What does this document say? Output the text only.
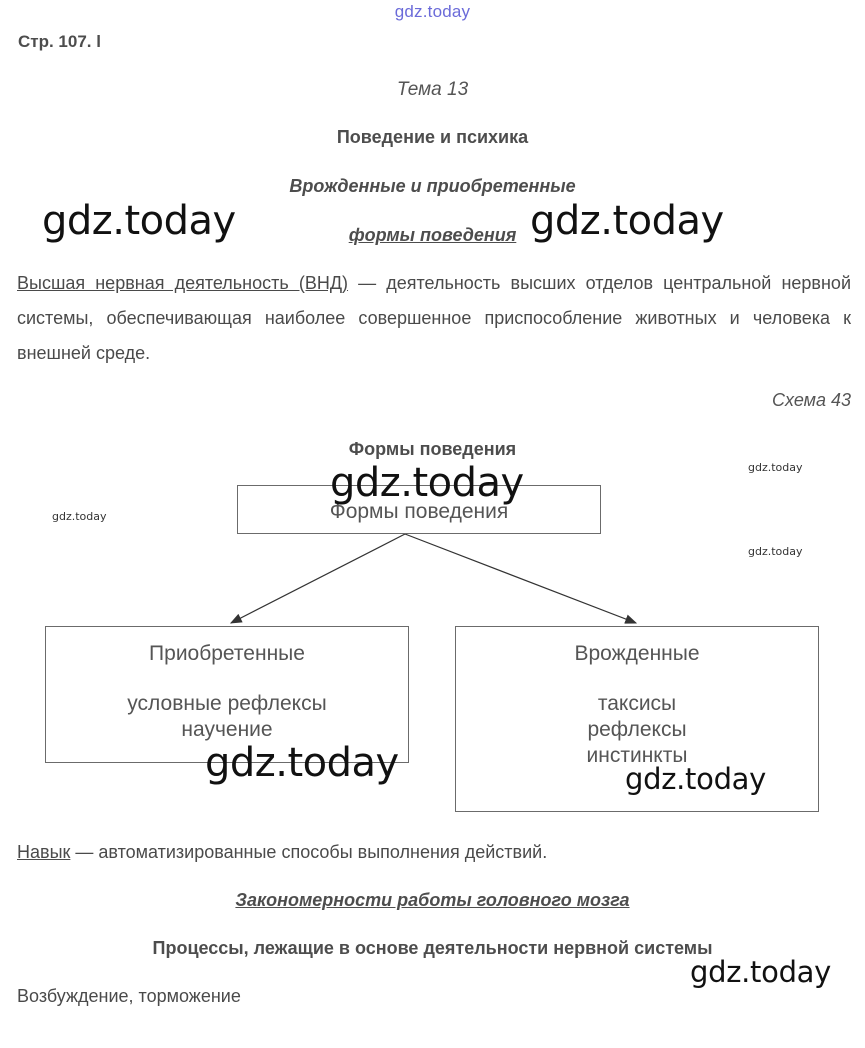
gdz.today
Стр. 107. l
Тема 13
Поведение и психика
Врожденные и приобретенные
формы поведения
Высшая нервная деятельность (ВНД) — деятельность высших отделов центральной нервной системы, обеспечивающая наиболее совершенное приспособление животных и человека к внешней среде.
Схема 43
Формы поведения
Формы поведения
Приобретенные
условные рефлексы
научение
Врожденные
таксисы
рефлексы
инстинкты
Навык — автоматизированные способы выполнения действий.
Закономерности работы головного мозга
Процессы, лежащие в основе деятельности нервной системы
Возбуждение, торможение
gdz.today	gdz.today
gdz.today
gdz.today	gdz.today
gdz.today
gdz.today
gdz.today
gdz.today
